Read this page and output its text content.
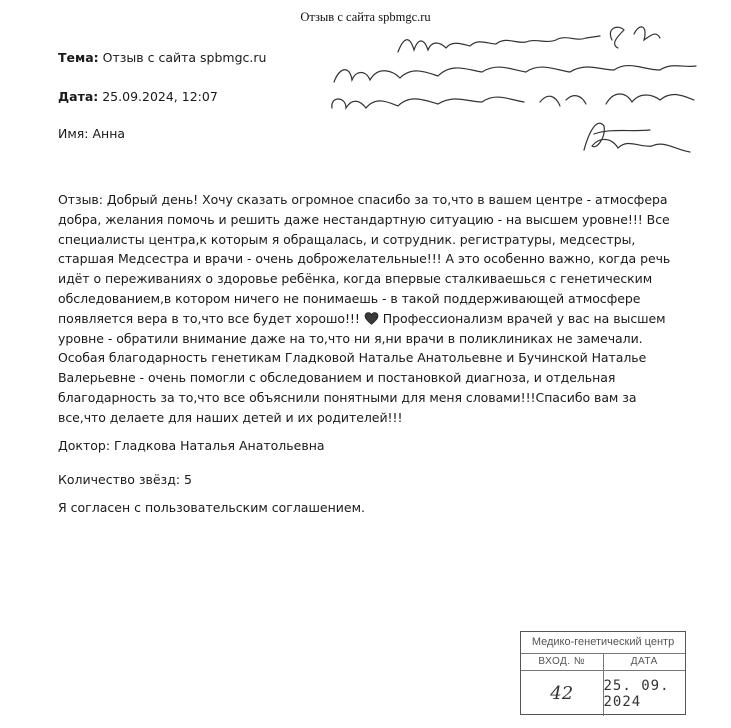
Отзыв с сайта spbmgc.ru
Тема: Отзыв с сайта spbmgc.ru
Дата: 25.09.2024, 12:07
Имя: Анна
Отзыв: Добрый день! Хочу сказать огромное спасибо за то,что в вашем центре - атмосфера
добра, желания помочь и решить даже нестандартную ситуацию - на высшем уровне!!! Все
специалисты центра,к которым я обращалась, и сотрудник. регистратуры, медсестры,
старшая Медсестра и врачи - очень доброжелательные!!! А это особенно важно, когда речь
идёт о переживаниях о здоровье ребёнка, когда впервые сталкиваешься с генетическим
обследованием,в котором ничего не понимаешь - в такой поддерживающей атмосфере
появляется вера в то,что все будет хорошо!!! Профессионализм врачей у вас на высшем
уровне - обратили внимание даже на то,что ни я,ни врачи в поликлиниках не замечали.
Особая благодарность генетикам Гладковой Наталье Анатольевне и Бучинской Наталье
Валерьевне - очень помогли с обследованием и постановкой диагноза, и отдельная
благодарность за то,что все объяснили понятными для меня словами!!!Спасибо вам за
все,что делаете для наших детей и их родителей!!!
Доктор: Гладкова Наталья Анатольевна
Количество звёзд: 5
Я согласен с пользовательским соглашением.
Медико-генетический центр
ВХОД. №
42
ДАТА
25. 09. 2024
